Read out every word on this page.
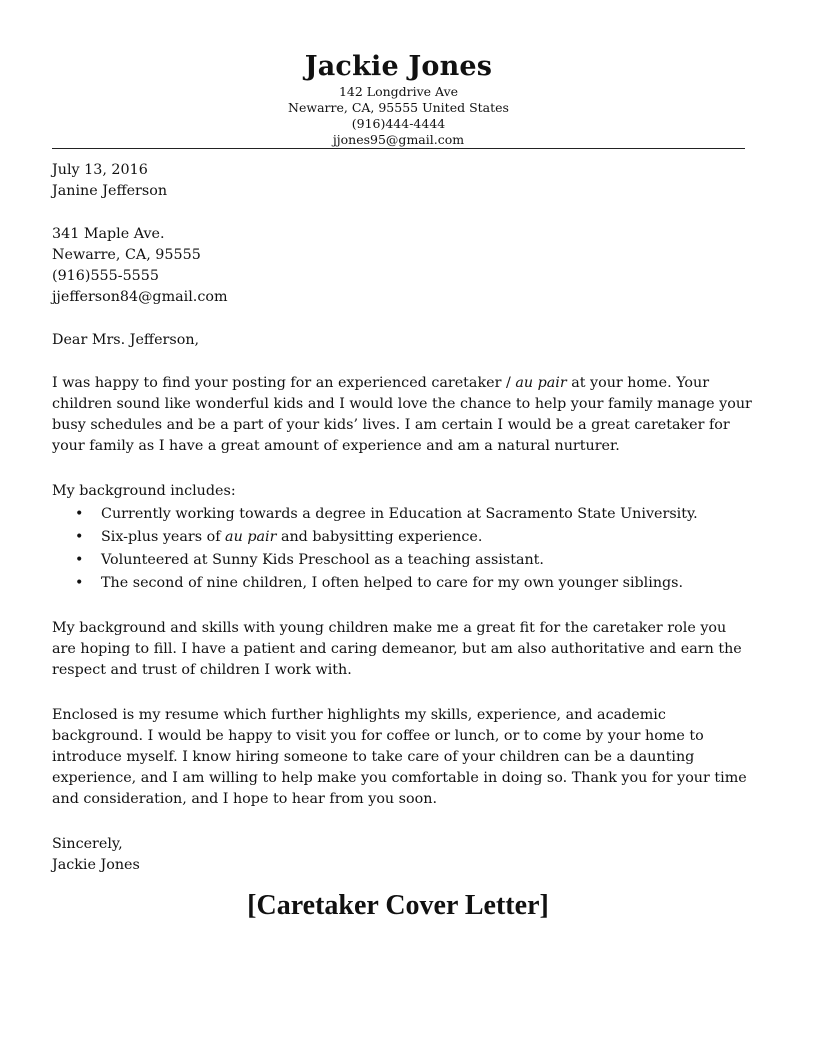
Jackie Jones
142 Longdrive Ave
Newarre, CA, 95555 United States
(916)444-4444
jjones95@gmail.com
July 13, 2016
Janine Jefferson
341 Maple Ave.
Newarre, CA, 95555
(916)555-5555
jjefferson84@gmail.com
Dear Mrs. Jefferson,

I was happy to find your posting for an experienced caretaker / au pair at your home. Your children sound like wonderful kids and I would love the chance to help your family manage your busy schedules and be a part of your kids’ lives. I am certain I would be a great caretaker for your family as I have a great amount of experience and am a natural nurturer.

My background includes:
• Currently working towards a degree in Education at Sacramento State University.
• Six-plus years of au pair and babysitting experience.
• Volunteered at Sunny Kids Preschool as a teaching assistant.
• The second of nine children, I often helped to care for my own younger siblings.

My background and skills with young children make me a great fit for the caretaker role you are hoping to fill. I have a patient and caring demeanor, but am also authoritative and earn the respect and trust of children I work with.

Enclosed is my resume which further highlights my skills, experience, and academic background. I would be happy to visit you for coffee or lunch, or to come by your home to introduce myself. I know hiring someone to take care of your children can be a daunting experience, and I am willing to help make you comfortable in doing so. Thank you for your time and consideration, and I hope to hear from you soon.

Sincerely,
Jackie Jones
[Caretaker Cover Letter]
